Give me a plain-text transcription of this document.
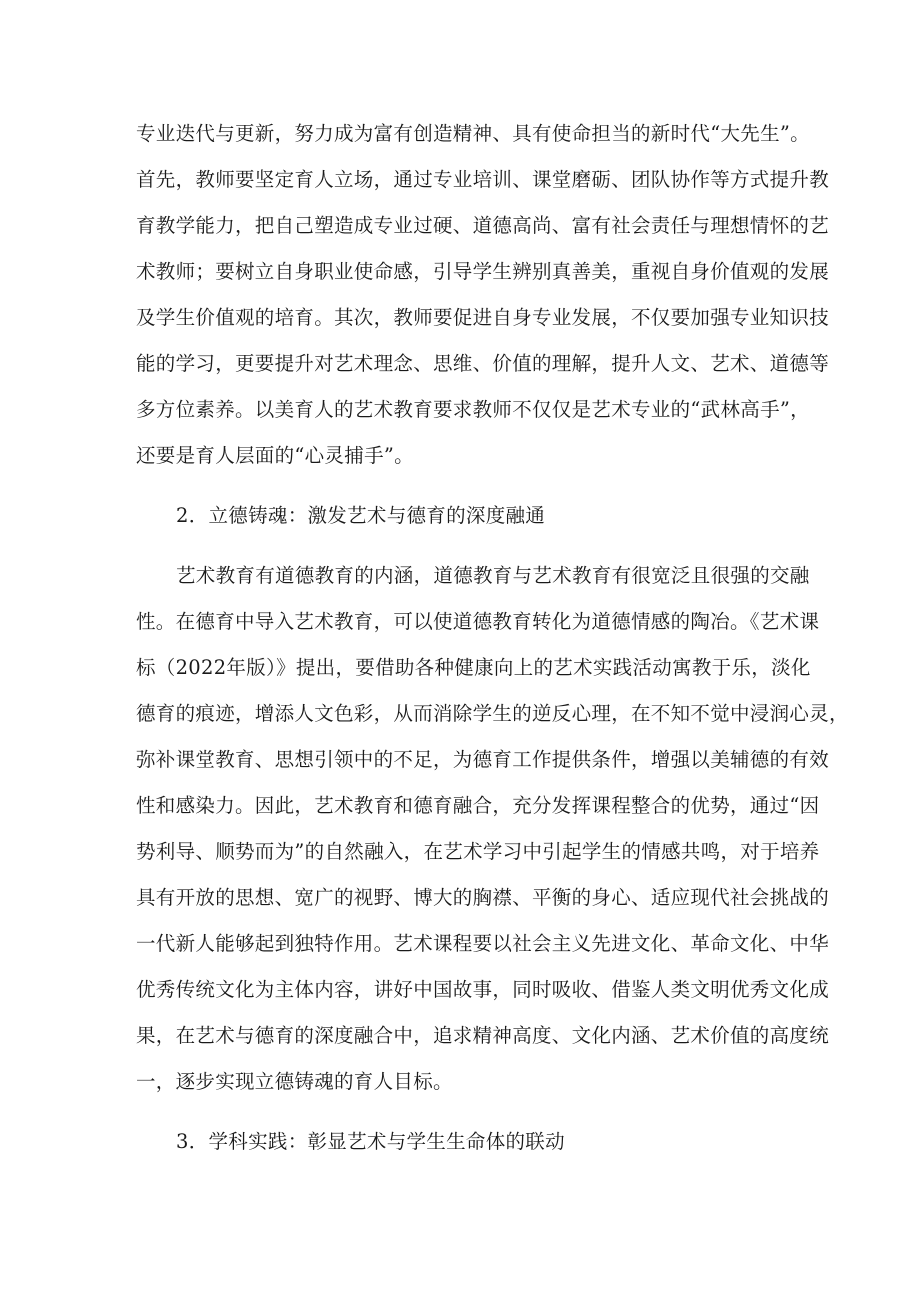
专业迭代与更新，努力成为富有创造精神、具有使命担当的新时代“大先生”。
首先，教师要坚定育人立场，通过专业培训、课堂磨砺、团队协作等方式提升教
育教学能力，把自己塑造成专业过硬、道德高尚、富有社会责任与理想情怀的艺
术教师；要树立自身职业使命感，引导学生辨别真善美，重视自身价值观的发展
及学生价值观的培育。其次，教师要促进自身专业发展，不仅要加强专业知识技
能的学习，更要提升对艺术理念、思维、价值的理解，提升人文、艺术、道德等
多方位素养。以美育人的艺术教育要求教师不仅仅是艺术专业的“武林高手”，
还要是育人层面的“心灵捕手”。
2．立德铸魂：激发艺术与德育的深度融通
艺术教育有道德教育的内涵，道德教育与艺术教育有很宽泛且很强的交融
性。在德育中导入艺术教育，可以使道德教育转化为道德情感的陶冶。《艺术课
标（2022年版）》提出，要借助各种健康向上的艺术实践活动寓教于乐，淡化
德育的痕迹，增添人文色彩，从而消除学生的逆反心理，在不知不觉中浸润心灵，
弥补课堂教育、思想引领中的不足，为德育工作提供条件，增强以美辅德的有效
性和感染力。因此，艺术教育和德育融合，充分发挥课程整合的优势，通过“因
势利导、顺势而为”的自然融入，在艺术学习中引起学生的情感共鸣，对于培养
具有开放的思想、宽广的视野、博大的胸襟、平衡的身心、适应现代社会挑战的
一代新人能够起到独特作用。艺术课程要以社会主义先进文化、革命文化、中华
优秀传统文化为主体内容，讲好中国故事，同时吸收、借鉴人类文明优秀文化成
果，在艺术与德育的深度融合中，追求精神高度、文化内涵、艺术价值的高度统
一，逐步实现立德铸魂的育人目标。
3．学科实践：彰显艺术与学生生命体的联动
